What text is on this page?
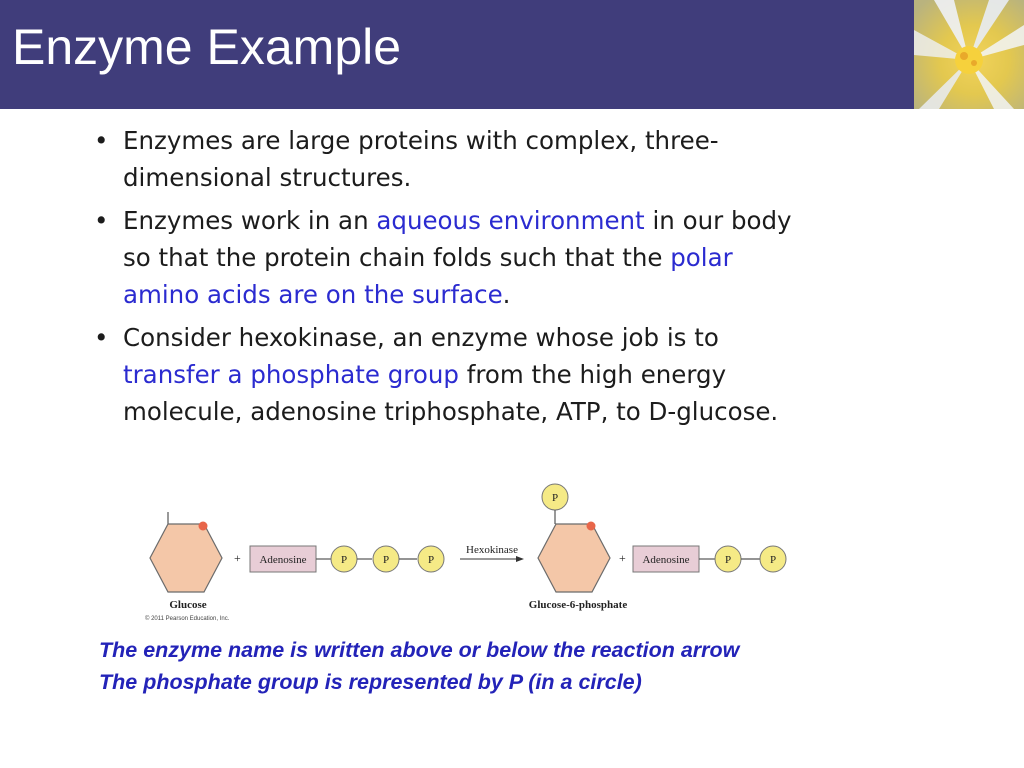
Enzyme Example
• Enzymes are large proteins with complex, three-dimensional structures.
• Enzymes work in an aqueous environment in our body so that the protein chain folds such that the polar amino acids are on the surface.
• Consider hexokinase, an enzyme whose job is to transfer a phosphate group from the high energy molecule, adenosine triphosphate, ATP, to D-glucose.
Glucose
© 2011 Pearson Education, Inc.
+ Adenosine	P	P	P
Hexokinase
P
Glucose-6-phosphate
+ Adenosine	P	P
The enzyme name is written above or below the reaction arrow
The phosphate group is represented by P (in a circle)
